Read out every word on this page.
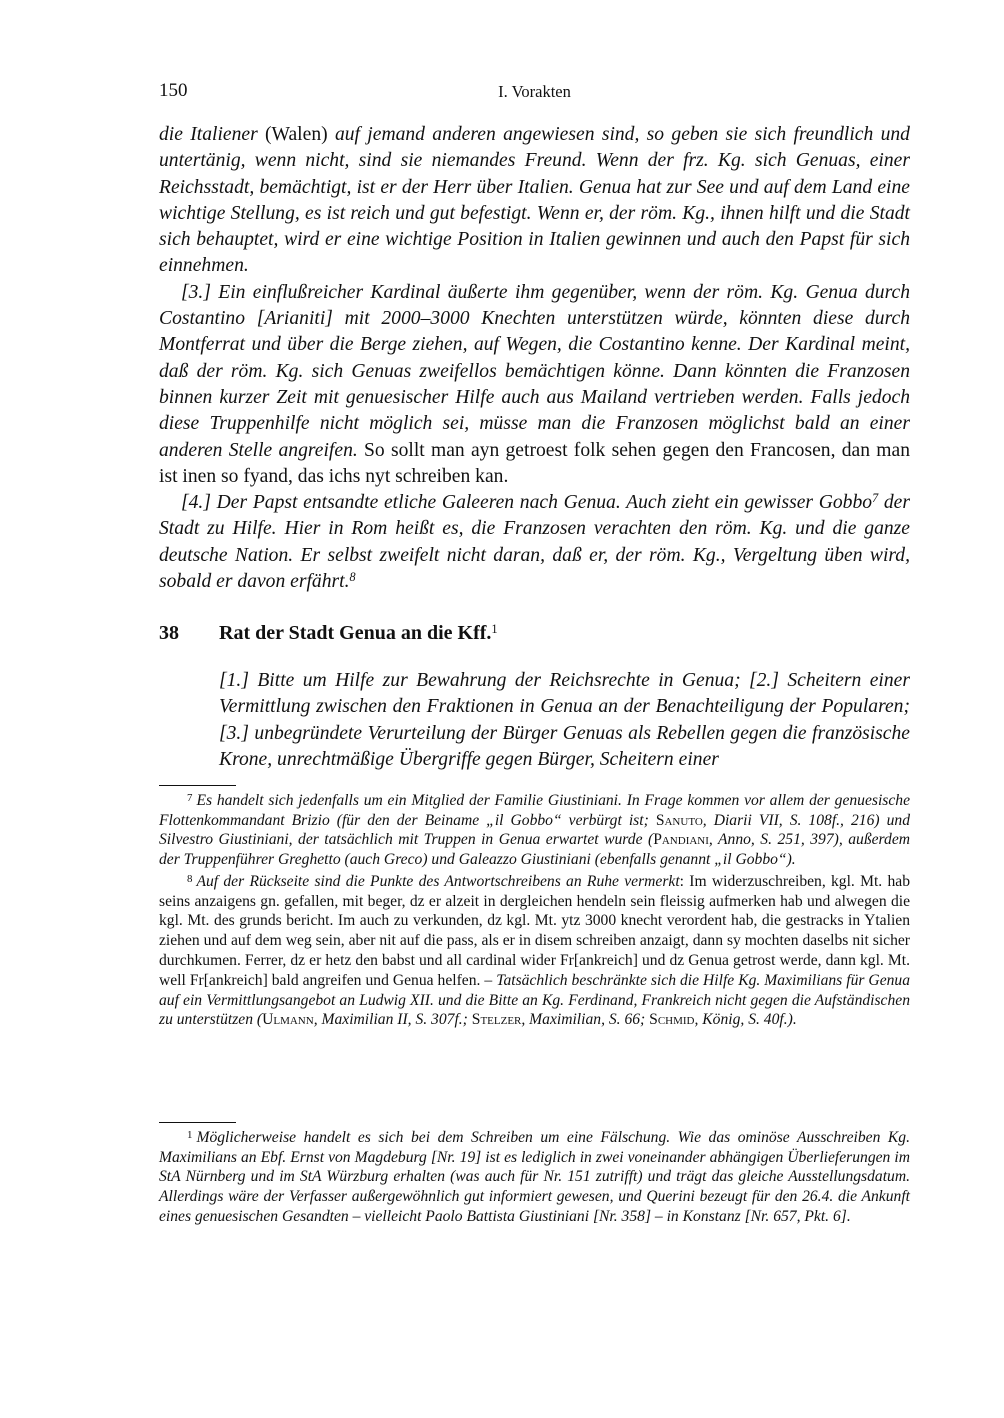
150	I. Vorakten

die Italiener (Walen) auf jemand anderen angewiesen sind, so geben sie sich freundlich und untertänig, wenn nicht, sind sie niemandes Freund. Wenn der frz. Kg. sich Genuas, einer Reichsstadt, bemächtigt, ist er der Herr über Italien. Genua hat zur See und auf dem Land eine wichtige Stellung, es ist reich und gut befestigt. Wenn er, der röm. Kg., ihnen hilft und die Stadt sich behauptet, wird er eine wichtige Position in Italien gewinnen und auch den Papst für sich einnehmen.

[3.] Ein einflußreicher Kardinal äußerte ihm gegenüber, wenn der röm. Kg. Genua durch Costantino [Arianiti] mit 2000–3000 Knechten unterstützen würde, könnten diese durch Montferrat und über die Berge ziehen, auf Wegen, die Costantino kenne. Der Kardinal meint, daß der röm. Kg. sich Genuas zweifellos bemächtigen könne. Dann könnten die Franzosen binnen kurzer Zeit mit genuesischer Hilfe auch aus Mailand vertrieben werden. Falls jedoch diese Truppenhilfe nicht möglich sei, müsse man die Franzosen möglichst bald an einer anderen Stelle angreifen. So sollt man ayn getroest folk sehen gegen den Francosen, dan man ist inen so fyand, das ichs nyt schreiben kan.

[4.] Der Papst entsandte etliche Galeeren nach Genua. Auch zieht ein gewisser Gobbo$^7$ der Stadt zu Hilfe. Hier in Rom heißt es, die Franzosen verachten den röm. Kg. und die ganze deutsche Nation. Er selbst zweifelt nicht daran, daß er, der röm. Kg., Vergeltung üben wird, sobald er davon erfährt.$^8$

38 Rat der Stadt Genua an die Kff.$^1$
[1.] Bitte um Hilfe zur Bewahrung der Reichsrechte in Genua; [2.] Scheitern einer Vermittlung zwischen den Fraktionen in Genua an der Benachteiligung der Popularen; [3.] unbegründete Verurteilung der Bürger Genuas als Rebellen gegen die französische Krone, unrechtmäßige Übergriffe gegen Bürger, Scheitern einer

$^7$ Es handelt sich jedenfalls um ein Mitglied der Familie Giustiniani. In Frage kommen vor allem der genuesische Flottenkommandant Brizio (für den der Beiname „il Gobbo“ verbürgt ist; Sanuto, Diarii VII, S. 108f., 216) und Silvestro Giustiniani, der tatsächlich mit Truppen in Genua erwartet wurde (Pandiani, Anno, S. 251, 397), außerdem der Truppenführer Greghetto (auch Greco) und Galeazzo Giustiniani (ebenfalls genannt „il Gobbo“).

$^8$ Auf der Rückseite sind die Punkte des Antwortschreibens an Ruhe vermerkt: Im widerzuschreiben, kgl. Mt. hab seins anzaigens gn. gefallen, mit beger, dz er alzeit in dergleichen hendeln sein fleissig aufmerken hab und alwegen die kgl. Mt. des grunds bericht. Im auch zu verkunden, dz kgl. Mt. ytz 3000 knecht verordent hab, die gestracks in Ytalien ziehen und auf dem weg sein, aber nit auf die pass, als er in disem schreiben anzaigt, dann sy mochten daselbs nit sicher durchkumen. Ferrer, dz er hetz den babst und all cardinal wider Fr[ankreich] und dz Genua getrost werde, dann kgl. Mt. well Fr[ankreich] bald angreifen und Genua helfen. – Tatsächlich beschränkte sich die Hilfe Kg. Maximilians für Genua auf ein Vermittlungsangebot an Ludwig XII. und die Bitte an Kg. Ferdinand, Frankreich nicht gegen die Aufständischen zu unterstützen (Ulmann, Maximilian II, S. 307f.; Stelzer, Maximilian, S. 66; Schmid, König, S. 40f.).

$^1$ Möglicherweise handelt es sich bei dem Schreiben um eine Fälschung. Wie das ominöse Ausschreiben Kg. Maximilians an Ebf. Ernst von Magdeburg [Nr. 19] ist es lediglich in zwei voneinander abhängigen Überlieferungen im StA Nürnberg und im StA Würzburg erhalten (was auch für Nr. 151 zutrifft) und trägt das gleiche Ausstellungsdatum. Allerdings wäre der Verfasser außergewöhnlich gut informiert gewesen, und Querini bezeugt für den 26.4. die Ankunft eines genuesischen Gesandten – vielleicht Paolo Battista Giustiniani [Nr. 358] – in Konstanz [Nr. 657, Pkt. 6].
